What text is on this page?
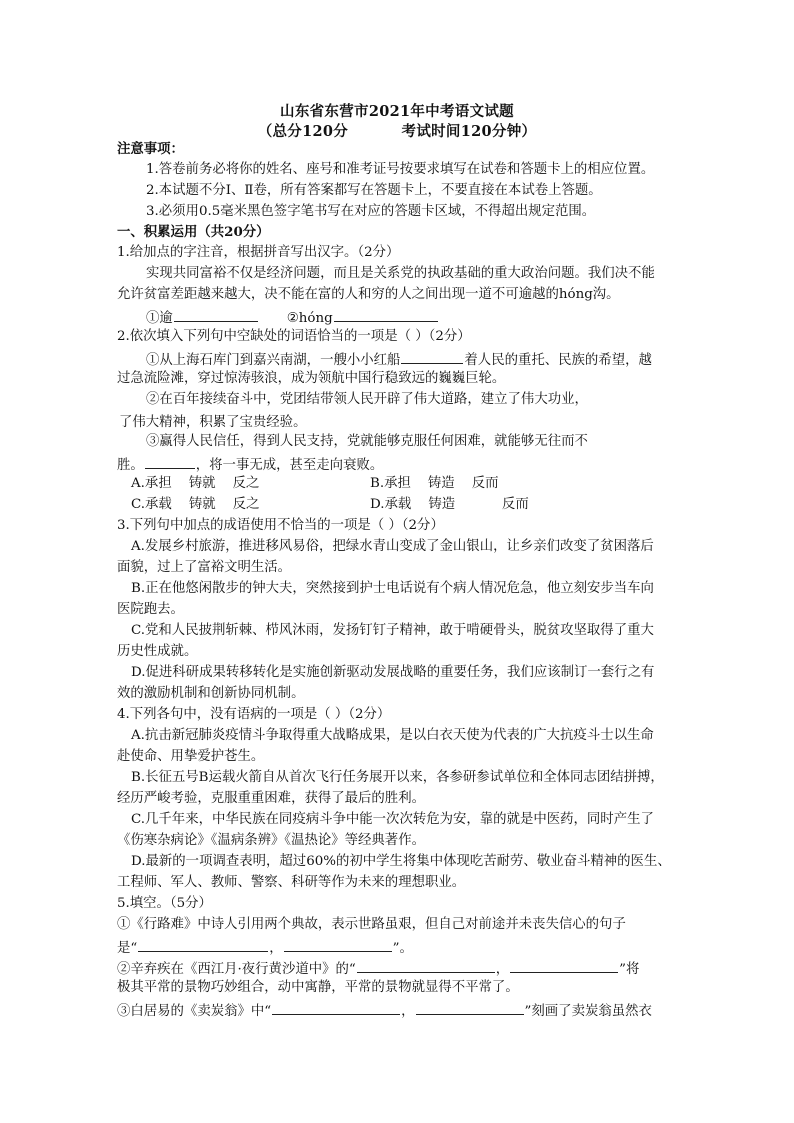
山东省东营市2021年中考语文试题
（总分120分          考试时间120分钟）
注意事项：
1.答卷前务必将你的姓名、座号和准考证号按要求填写在试卷和答题卡上的相应位置。
2.本试题不分Ⅰ、Ⅱ卷，所有答案都写在答题卡上，不要直接在本试卷上答题。
3.必须用0.5毫米黑色签字笔书写在对应的答题卡区域，不得超出规定范围。
一、积累运用（共20分）
1.给加点的字注音，根据拼音写出汉字。（2分）
实现共同富裕不仅是经济问题，而且是关系党的执政基础的重大政治问题。我们决不能
允许贫富差距越来越大，决不能在富的人和穷的人之间出现一道不可逾越的hóng沟。
①逾	②hóng
2.依次填入下列句中空缺处的词语恰当的一项是（ ）（2分）
①从上海石库门到嘉兴南湖，一艘小小红船	着人民的重托、民族的希望，越
过急流险滩，穿过惊涛骇浪，成为领航中国行稳致远的巍巍巨轮。
②在百年接续奋斗中，党团结带领人民开辟了伟大道路，建立了伟大功业，
了伟大精神，积累了宝贵经验。
③赢得人民信任，得到人民支持，党就能够克服任何困难，就能够无往而不
胜。	，将一事无成，甚至走向衰败。
A.承担    铸就    反之	B.承担    铸造    反而
C.承载    铸就    反之	D.承载    铸造           反而
3.下列句中加点的成语使用不恰当的一项是（ ）（2分）
A.发展乡村旅游，推进移风易俗，把绿水青山变成了金山银山，让乡亲们改变了贫困落后
面貌，过上了富裕文明生活。
B.正在他悠闲散步的钟大夫，突然接到护士电话说有个病人情况危急，他立刻安步当车向
医院跑去。
C.党和人民披荆斩棘、栉风沐雨，发扬钉钉子精神，敢于啃硬骨头，脱贫攻坚取得了重大
历史性成就。
D.促进科研成果转移转化是实施创新驱动发展战略的重要任务，我们应该制订一套行之有
效的激励机制和创新协同机制。
4.下列各句中，没有语病的一项是（ ）（2分）
A.抗击新冠肺炎疫情斗争取得重大战略成果，是以白衣天使为代表的广大抗疫斗士以生命
赴使命、用挚爱护苍生。
B.长征五号B运载火箭自从首次飞行任务展开以来，各参研参试单位和全体同志团结拼搏，
经历严峻考验，克服重重困难，获得了最后的胜利。
C.几千年来，中华民族在同疫病斗争中能一次次转危为安，靠的就是中医药，同时产生了
《伤寒杂病论》《温病条辨》《温热论》等经典著作。
D.最新的一项调查表明，超过60%的初中学生将集中体现吃苦耐劳、敬业奋斗精神的医生、
工程师、军人、教师、警察、科研等作为未来的理想职业。
5.填空。（5分）
①《行路难》中诗人引用两个典故，表示世路虽艰，但自己对前途并未丧失信心的句子
是“	，	”。
②辛弃疾在《西江月·夜行黄沙道中》的“	，	”将
极其平常的景物巧妙组合，动中寓静，平常的景物就显得不平常了。
③白居易的《卖炭翁》中“	，	”刻画了卖炭翁虽然衣
